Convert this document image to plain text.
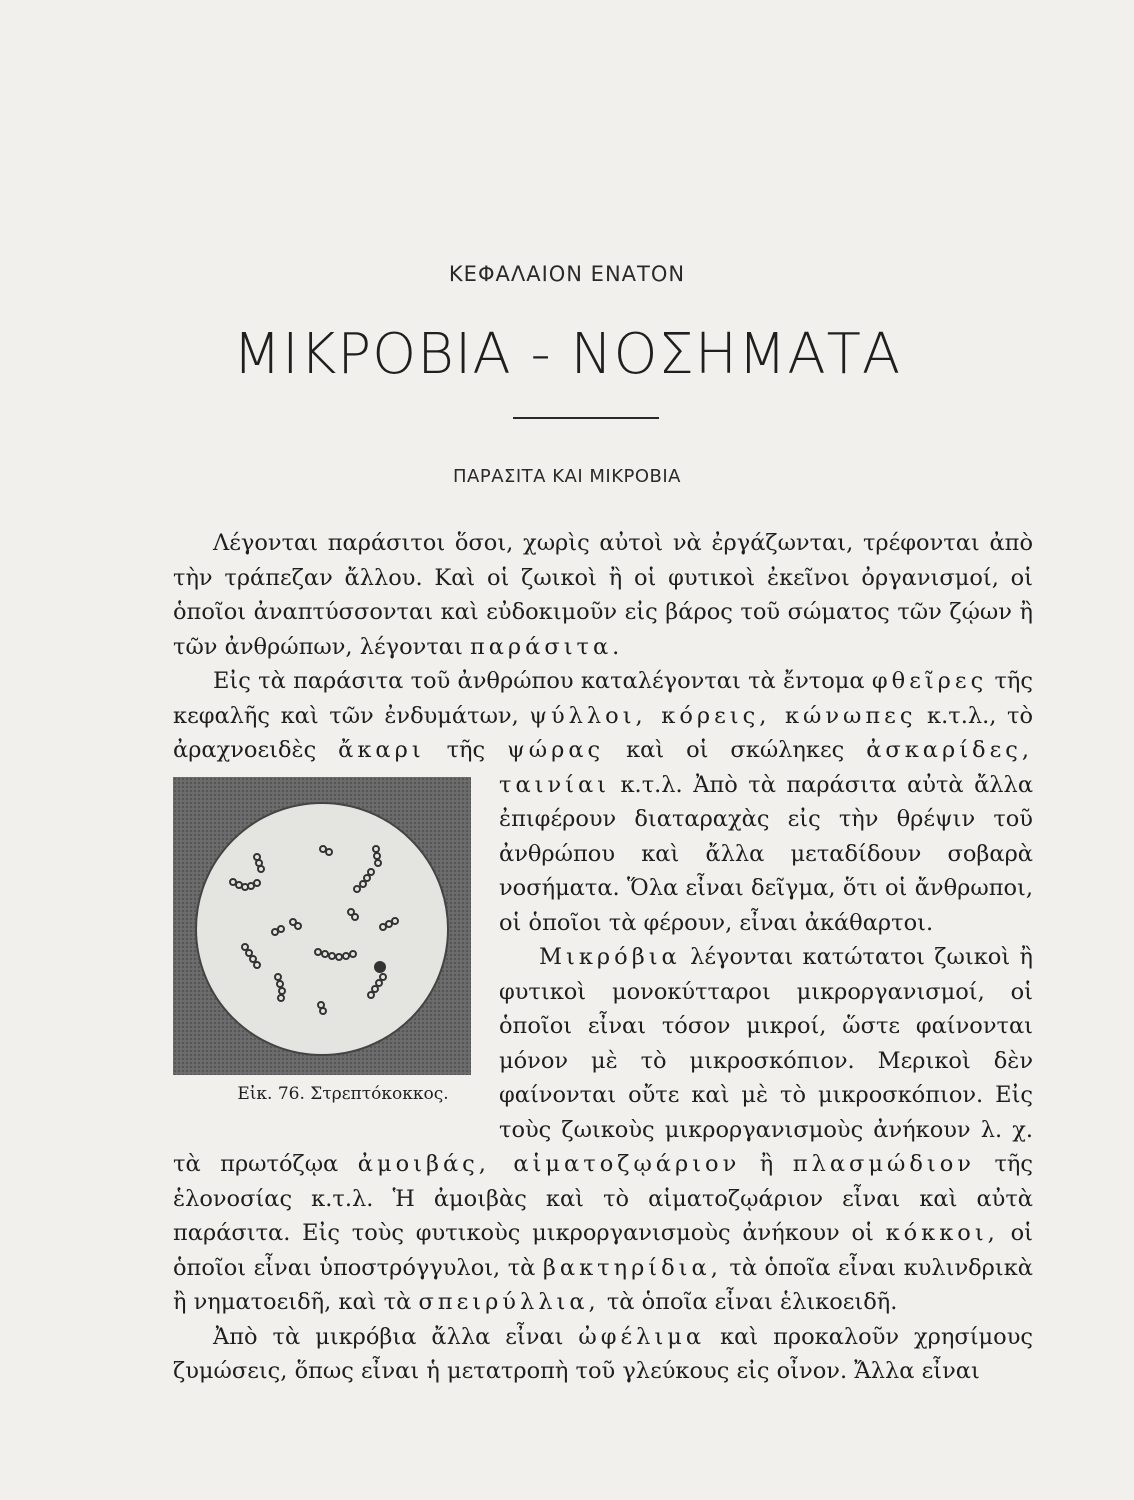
ΚΕΦΑΛΑΙΟΝ ΕΝΑΤΟΝ
ΜΙΚΡΟΒΙΑ - ΝΟΣΗΜΑΤΑ
ΠΑΡΑΣΙΤΑ ΚΑΙ ΜΙΚΡΟΒΙΑ

Λέγονται παράσιτοι ὅσοι, χωρὶς αὐτοὶ νὰ ἐργάζωνται, τρέφονται ἀπὸ τὴν τράπεζαν ἄλλου. Καὶ οἱ ζωικοὶ ἢ οἱ φυτικοὶ ἐκεῖνοι ὀργανισμοί, οἱ ὁποῖοι ἀναπτύσσονται καὶ εὐδοκιμοῦν εἰς βάρος τοῦ σώματος τῶν ζῴων ἢ τῶν ἀνθρώπων, λέγονται παράσιτα.

Εἰς τὰ παράσιτα τοῦ ἀνθρώπου καταλέγονται τὰ ἔντομα φθεῖρες τῆς κεφαλῆς καὶ τῶν ἐνδυμάτων, ψύλλοι, κόρεις, κώνωπες κ.τ.λ., τὸ ἀραχνοειδὲς ἄκαρι τῆς ψώρας καὶ οἱ σκώληκες
Εἰκ. 76. Στρεπτόκοκκος.
ἀσκαρίδες, ταινίαι κ.τ.λ. Ἀπὸ τὰ παράσιτα αὐτὰ ἄλλα ἐπιφέρουν διαταραχὰς εἰς τὴν θρέψιν τοῦ ἀνθρώπου καὶ ἄλλα μεταδίδουν σοβαρὰ νοσήματα. Ὅλα εἶναι δεῖγμα, ὅτι οἱ ἄνθρωποι, οἱ ὁποῖοι τὰ φέρουν, εἶναι ἀκάθαρτοι.

Μικρόβια λέγονται κατώτατοι ζωικοὶ ἢ φυτικοὶ μονοκύτταροι μικροργανισμοί, οἱ ὁποῖοι εἶναι τόσον μικροί, ὥστε φαίνονται μόνον μὲ τὸ μικροσκόπιον. Μερικοὶ δὲν φαίνονται οὔτε καὶ μὲ τὸ μικροσκόπιον. Εἰς τοὺς ζωικοὺς μικροργανισμοὺς ἀνήκουν λ. χ. τὰ πρωτόζῳα ἀμοιβάς, αἱματοζῳάριον ἢ πλασμώδιον τῆς ἑλονοσίας κ.τ.λ. Ἡ ἀμοιβὰς καὶ τὸ αἱματοζῳάριον εἶναι καὶ αὐτὰ παράσιτα. Εἰς τοὺς φυτικοὺς μικροργανισμοὺς ἀνήκουν οἱ κόκκοι, οἱ ὁποῖοι εἶναι ὑποστρόγγυλοι, τὰ βακτηρίδια, τὰ ὁποῖα εἶναι κυλινδρικὰ ἢ νηματοειδῆ, καὶ τὰ σπειρύλλια, τὰ ὁποῖα εἶναι ἑλικοειδῆ.

Ἀπὸ τὰ μικρόβια ἄλλα εἶναι ὠφέλιμα καὶ προκαλοῦν χρησίμους ζυμώσεις, ὅπως εἶναι ἡ μετατροπὴ τοῦ γλεύκους εἰς οἶνον. Ἄλλα εἶναι
